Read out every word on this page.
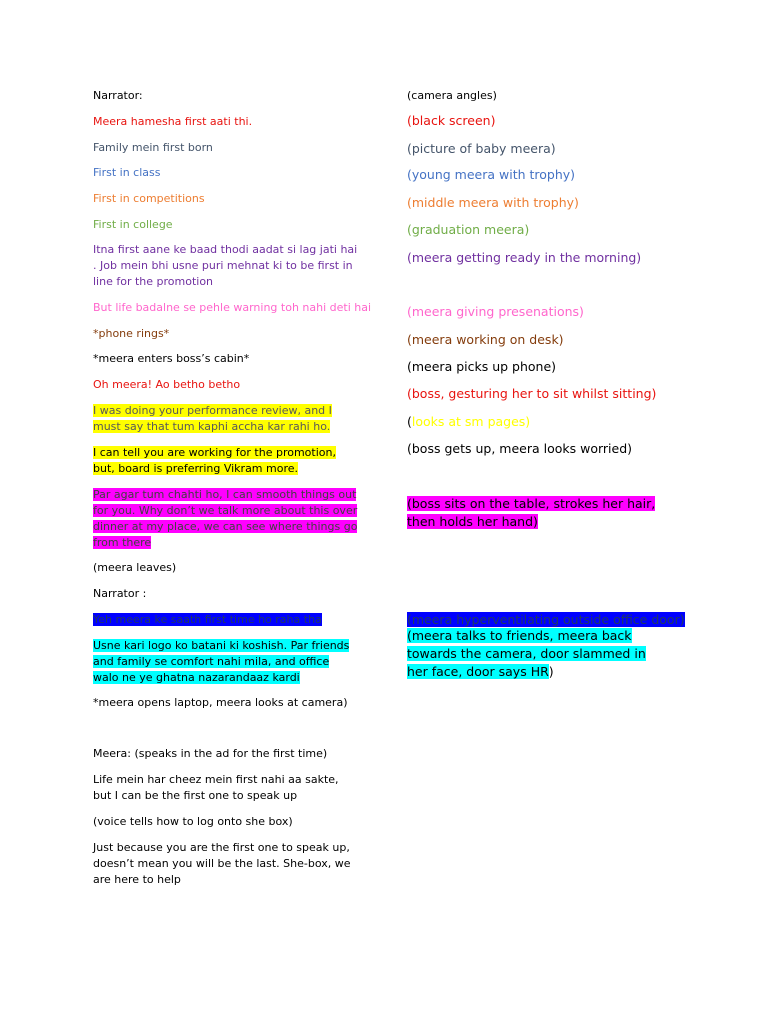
Narrator:

Meera hamesha first aati thi.

Family mein first born

First in class

First in competitions

First in college

Itna first aane ke baad thodi aadat si lag jati hai . Job mein bhi usne puri mehnat ki to be first in line for the promotion

But life badalne se pehle warning toh nahi deti hai

*phone rings*

*meera enters boss’s cabin*

Oh meera! Ao betho betho

I was doing your performance review, and I must say that tum kaphi accha kar rahi ho.

I can tell you are working for the promotion, but, board is preferring Vikram more.

Par agar tum chahti ho, I can smooth things out for you. Why don’t we talk more about this over dinner at my place, we can see where things go from there

(meera leaves)

Narrator :

Yeh meera ke saath first time ho raha tha

Usne kari logo ko batani ki koshish. Par friends and family se comfort nahi mila, and office walo ne ye ghatna nazarandaaz kardi

*meera opens laptop, meera looks at camera)

Meera: (speaks in the ad for the first time)

Life mein har cheez mein first nahi aa sakte, but I can be the first one to speak up

(voice tells how to log onto she box)

Just because you are the first one to speak up, doesn’t mean you will be the last. She-box, we are here to help

(camera angles)

(black screen)

(picture of baby meera)

(young meera with trophy)

(middle meera with trophy)

(graduation meera)

(meera getting ready in the morning)

(meera giving presenations)

(meera working on desk)

(meera picks up phone)

(boss, gesturing her to sit whilst sitting)

(looks at sm pages)

(boss gets up, meera looks worried)

(boss sits on the table, strokes her hair, then holds her hand)

(meera hyperventilating outside office door)

(meera talks to friends, meera back towards the camera, door slammed in her face, door says HR)
